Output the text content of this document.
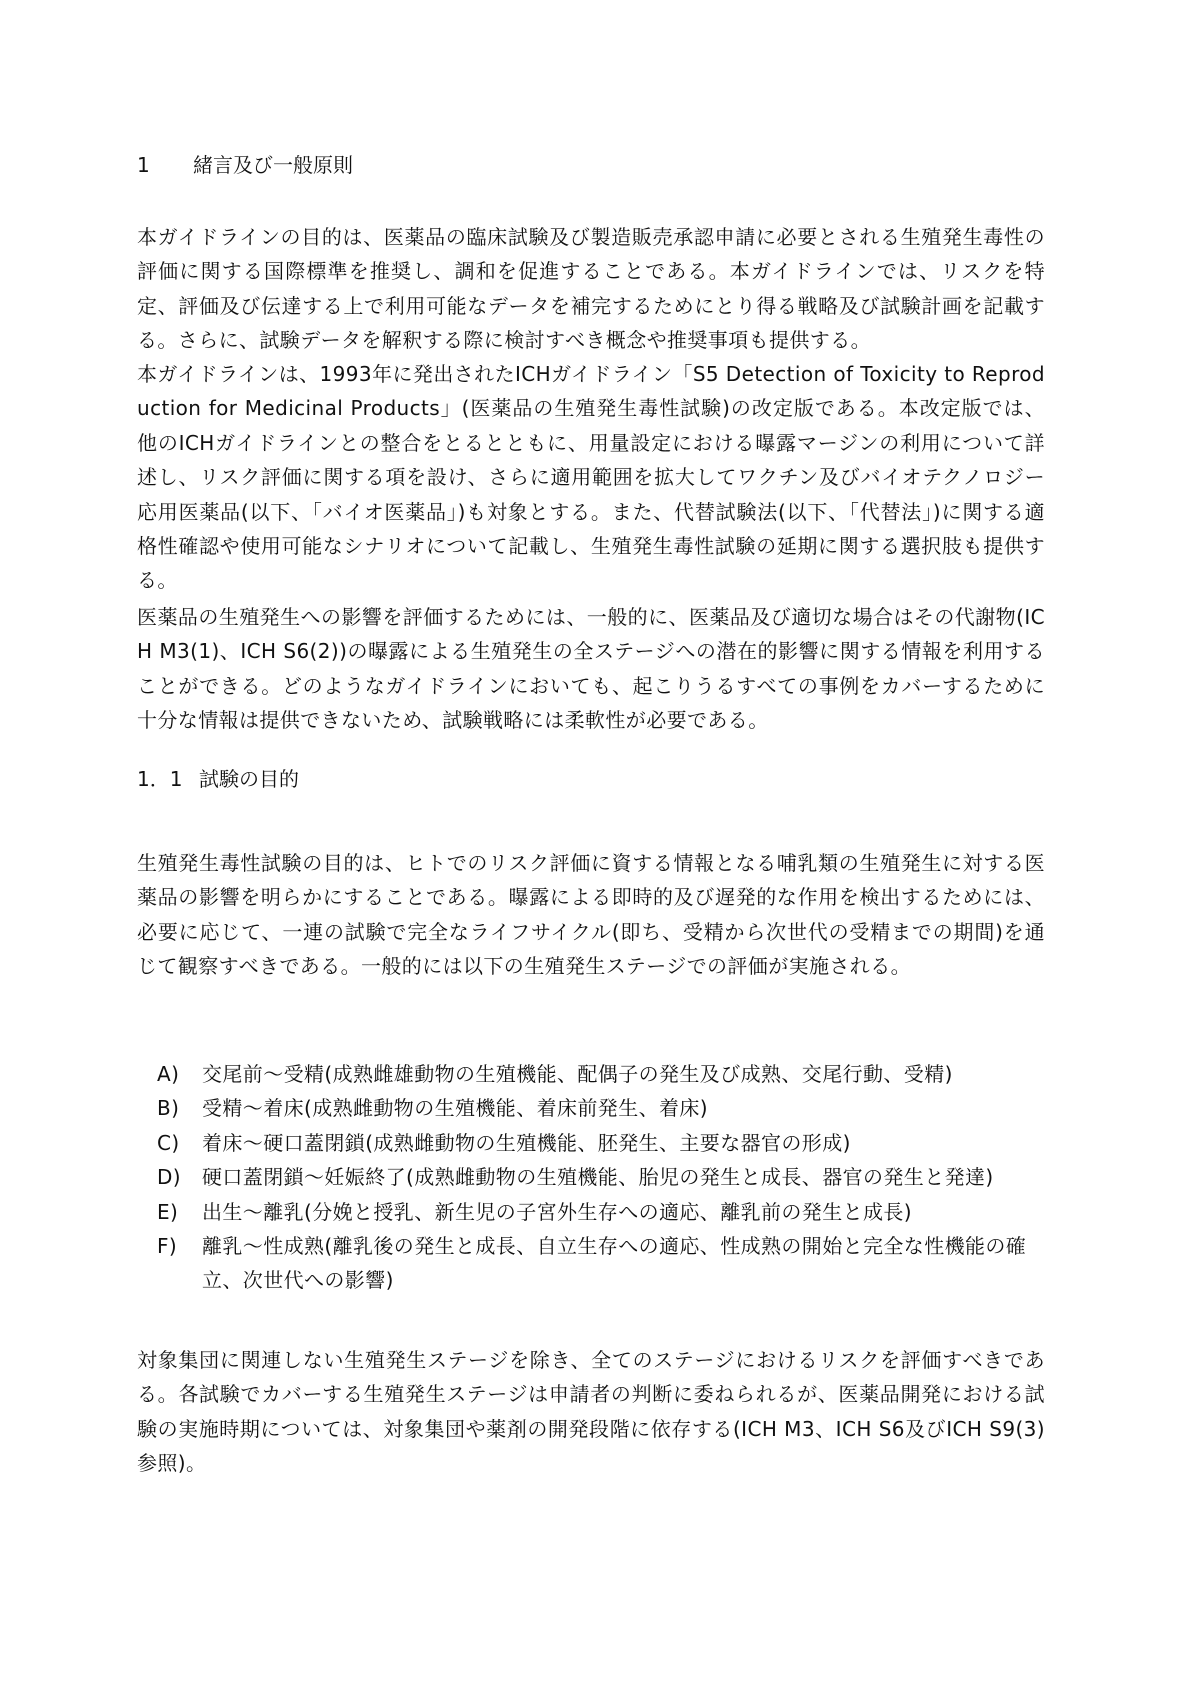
1 緒言及び一般原則

本ガイドラインの目的は、医薬品の臨床試験及び製造販売承認申請に必要とされる生殖発生毒性の評価に関する国際標準を推奨し、調和を促進することである。本ガイドラインでは、リスクを特定、評価及び伝達する上で利用可能なデータを補完するためにとり得る戦略及び試験計画を記載する。さらに、試験データを解釈する際に検討すべき概念や推奨事項も提供する。

本ガイドラインは、1993年に発出されたICHガイドライン「S5 Detection of Toxicity to Reproduction for Medicinal Products」(医薬品の生殖発生毒性試験)の改定版である。本改定版では、他のICHガイドラインとの整合をとるとともに、用量設定における曝露マージンの利用について詳述し、リスク評価に関する項を設け、さらに適用範囲を拡大してワクチン及びバイオテクノロジー応用医薬品(以下、「バイオ医薬品」)も対象とする。また、代替試験法(以下、「代替法」)に関する適格性確認や使用可能なシナリオについて記載し、生殖発生毒性試験の延期に関する選択肢も提供する。

医薬品の生殖発生への影響を評価するためには、一般的に、医薬品及び適切な場合はその代謝物(ICH M3(1)、ICH S6(2))の曝露による生殖発生の全ステージへの潜在的影響に関する情報を利用することができる。どのようなガイドラインにおいても、起こりうるすべての事例をカバーするために十分な情報は提供できないため、試験戦略には柔軟性が必要である。

1．1 試験の目的

生殖発生毒性試験の目的は、ヒトでのリスク評価に資する情報となる哺乳類の生殖発生に対する医薬品の影響を明らかにすることである。曝露による即時的及び遅発的な作用を検出するためには、必要に応じて、一連の試験で完全なライフサイクル(即ち、受精から次世代の受精までの期間)を通じて観察すべきである。一般的には以下の生殖発生ステージでの評価が実施される。

A)	交尾前～受精(成熟雌雄動物の生殖機能、配偶子の発生及び成熟、交尾行動、受精)
B)	受精～着床(成熟雌動物の生殖機能、着床前発生、着床)
C)	着床～硬口蓋閉鎖(成熟雌動物の生殖機能、胚発生、主要な器官の形成)
D)	硬口蓋閉鎖～妊娠終了(成熟雌動物の生殖機能、胎児の発生と成長、器官の発生と発達)
E)	出生～離乳(分娩と授乳、新生児の子宮外生存への適応、離乳前の発生と成長)
F)	離乳～性成熟(離乳後の発生と成長、自立生存への適応、性成熟の開始と完全な性機能の確立、次世代への影響)

対象集団に関連しない生殖発生ステージを除き、全てのステージにおけるリスクを評価すべきである。各試験でカバーする生殖発生ステージは申請者の判断に委ねられるが、医薬品開発における試験の実施時期については、対象集団や薬剤の開発段階に依存する(ICH M3、ICH S6及びICH S9(3)参照)。
